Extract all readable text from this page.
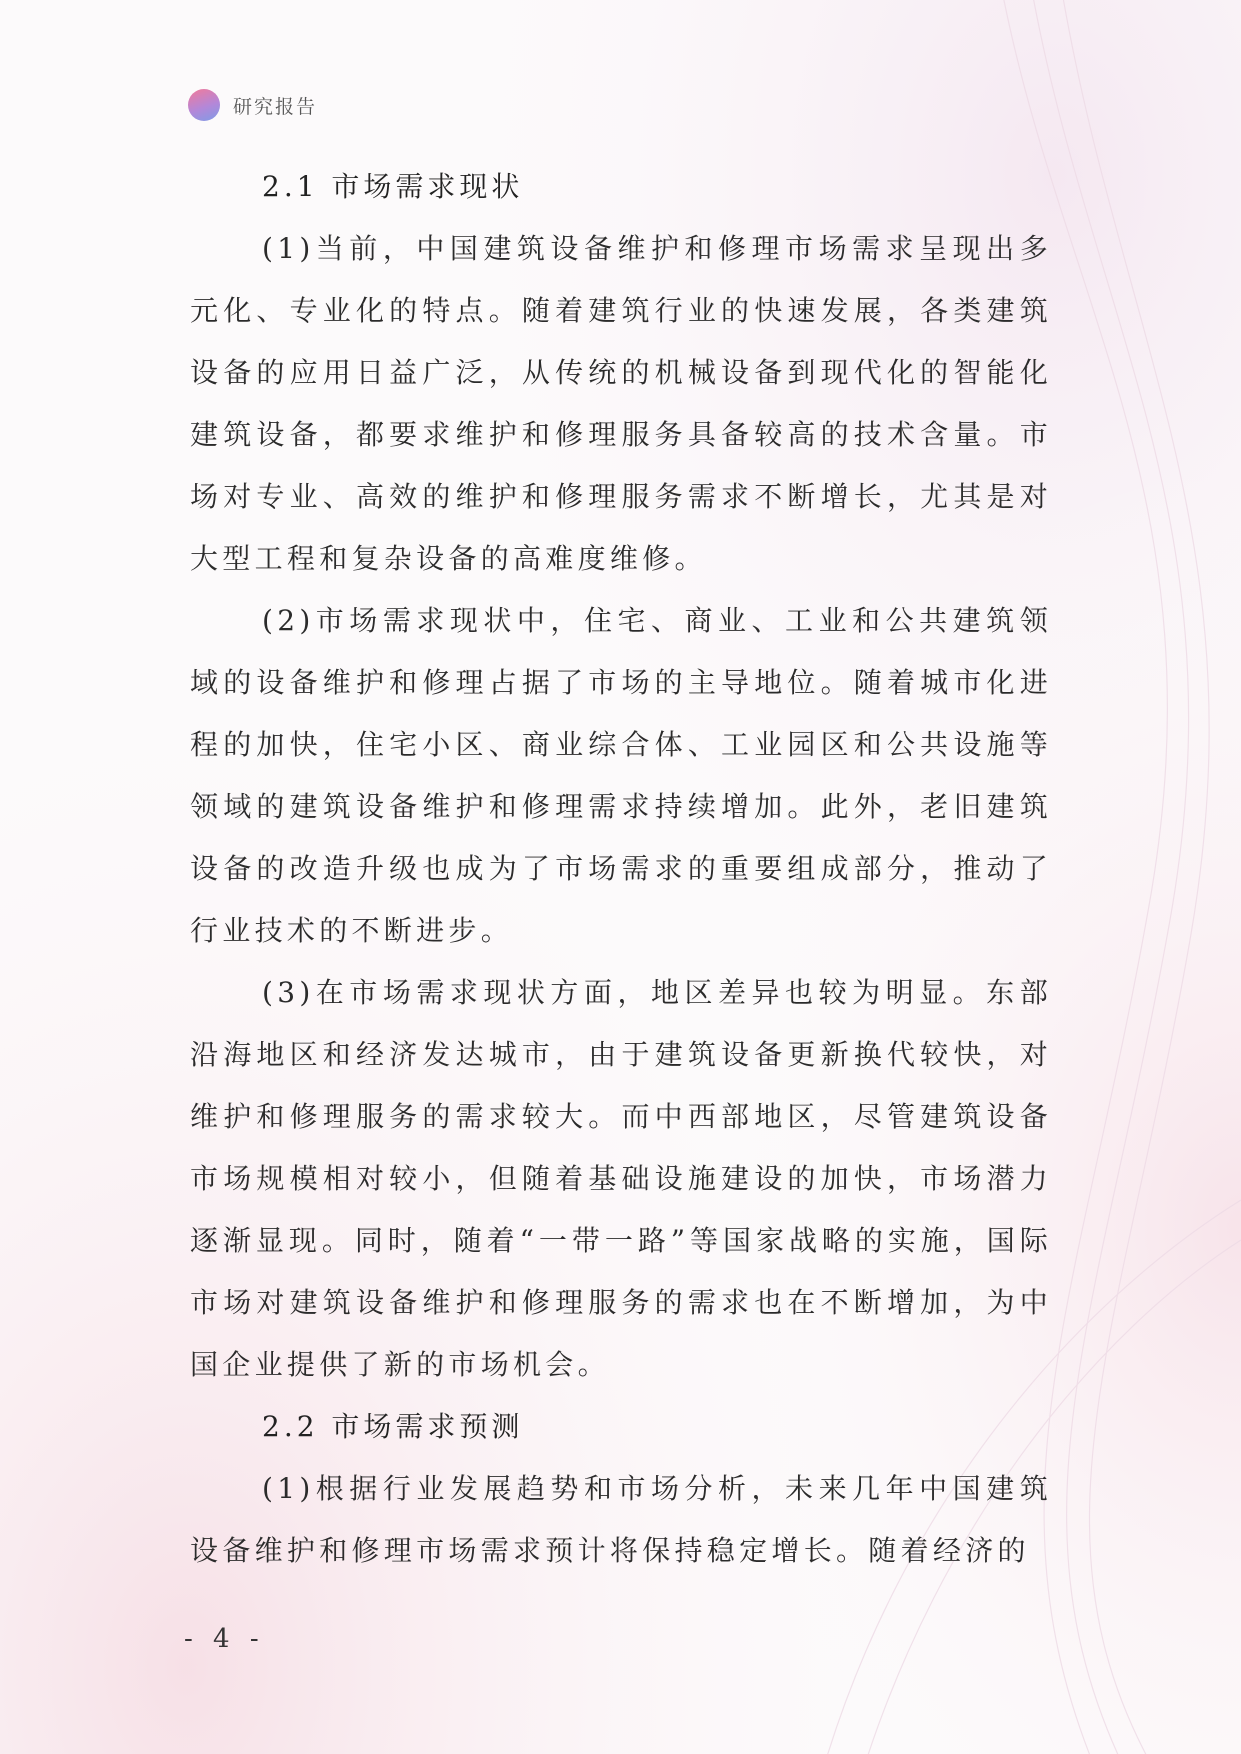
研究报告
2.1 市场需求现状

(1)当前，中国建筑设备维护和修理市场需求呈现出多元化、专业化的特点。随着建筑行业的快速发展，各类建筑设备的应用日益广泛，从传统的机械设备到现代化的智能化建筑设备，都要求维护和修理服务具备较高的技术含量。市场对专业、高效的维护和修理服务需求不断增长，尤其是对大型工程和复杂设备的高难度维修。

(2)市场需求现状中，住宅、商业、工业和公共建筑领域的设备维护和修理占据了市场的主导地位。随着城市化进程的加快，住宅小区、商业综合体、工业园区和公共设施等领域的建筑设备维护和修理需求持续增加。此外，老旧建筑设备的改造升级也成为了市场需求的重要组成部分，推动了行业技术的不断进步。

(3)在市场需求现状方面，地区差异也较为明显。东部沿海地区和经济发达城市，由于建筑设备更新换代较快，对维护和修理服务的需求较大。而中西部地区，尽管建筑设备市场规模相对较小，但随着基础设施建设的加快，市场潜力逐渐显现。同时，随着“一带一路”等国家战略的实施，国际市场对建筑设备维护和修理服务的需求也在不断增加，为中国企业提供了新的市场机会。

2.2 市场需求预测

(1)根据行业发展趋势和市场分析，未来几年中国建筑设备维护和修理市场需求预计将保持稳定增长。随着经济的

- 4 -
